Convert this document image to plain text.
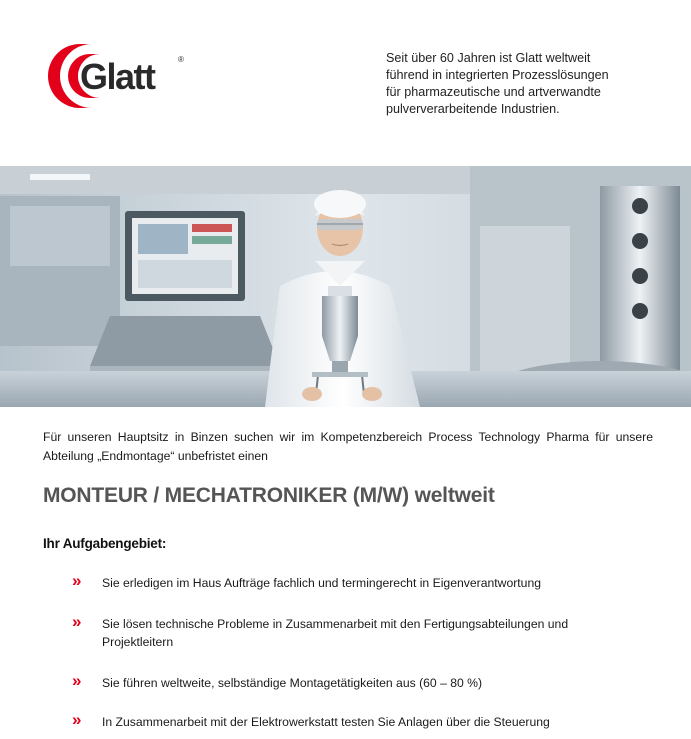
Glatt	®	Seit über 60 Jahren ist Glatt weltweit
führend in integrierten Prozesslösungen
für pharmazeutische und artverwandte
pulververarbeitende Industrien.
Für unseren Hauptsitz in Binzen suchen wir im Kompetenzbereich Process Technology Pharma für unsere
Abteilung „Endmontage“ unbefristet einen
MONTEUR / MECHATRONIKER (M/W) weltweit
Ihr Aufgabengebiet:
» Sie erledigen im Haus Aufträge fachlich und termingerecht in Eigenverantwortung
» Sie lösen technische Probleme in Zusammenarbeit mit den Fertigungsabteilungen und
Projektleitern
» Sie führen weltweite, selbständige Montagetätigkeiten aus (60 – 80 %)
» In Zusammenarbeit mit der Elektrowerkstatt testen Sie Anlagen über die Steuerung
